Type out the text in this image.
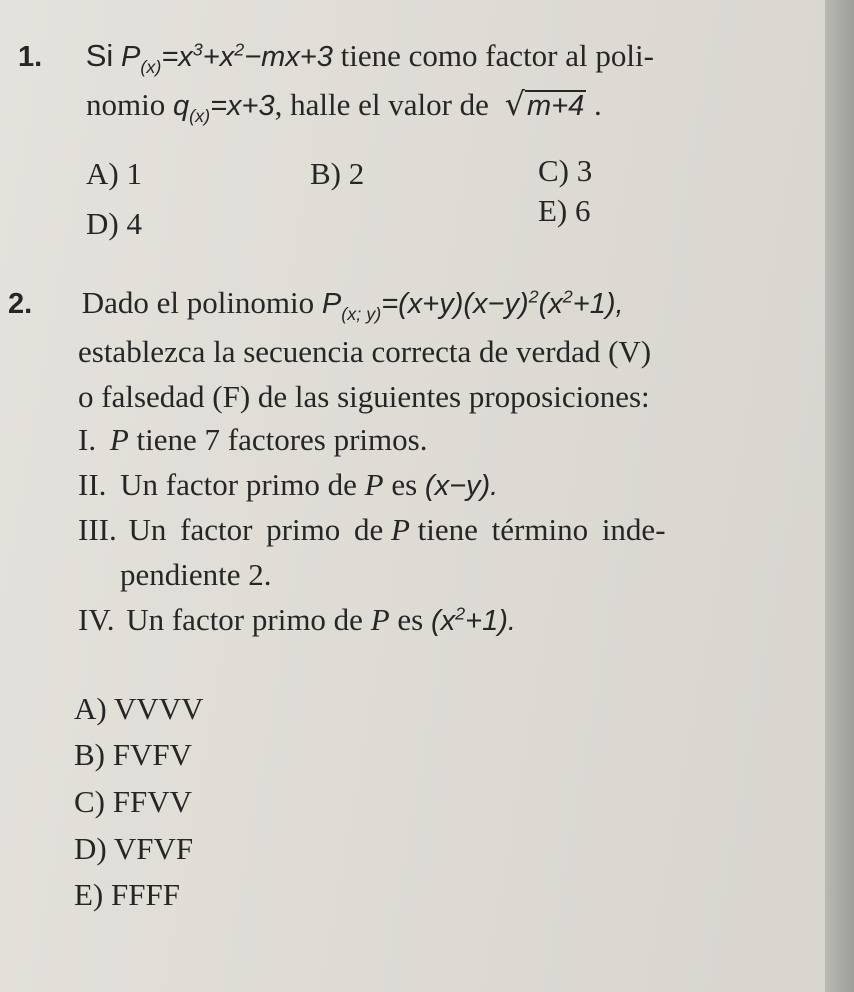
1. Si $P_{(x)}=x^3+x^2-mx+3$ tiene como factor al poli-
nomio $q_{(x)}=x+3$, halle el valor de √m+4 .
A) 1	B) 2	C) 3
D) 4	E) 6
2. Dado el polinomio $P_{(x; y)}=(x+y)(x-y)^2(x^2+1)$,
establezca la secuencia correcta de verdad (V)
o falsedad (F) de las siguientes proposiciones:
I. P tiene 7 factores primos.
II. Un factor primo de P es (x−y).
III. Un factor primo de P tiene término inde-
pendiente 2.
IV. Un factor primo de P es $(x^2+1)$.
A) VVVV
B) FVFV
C) FFVV
D) VFVF
E) FFFF
